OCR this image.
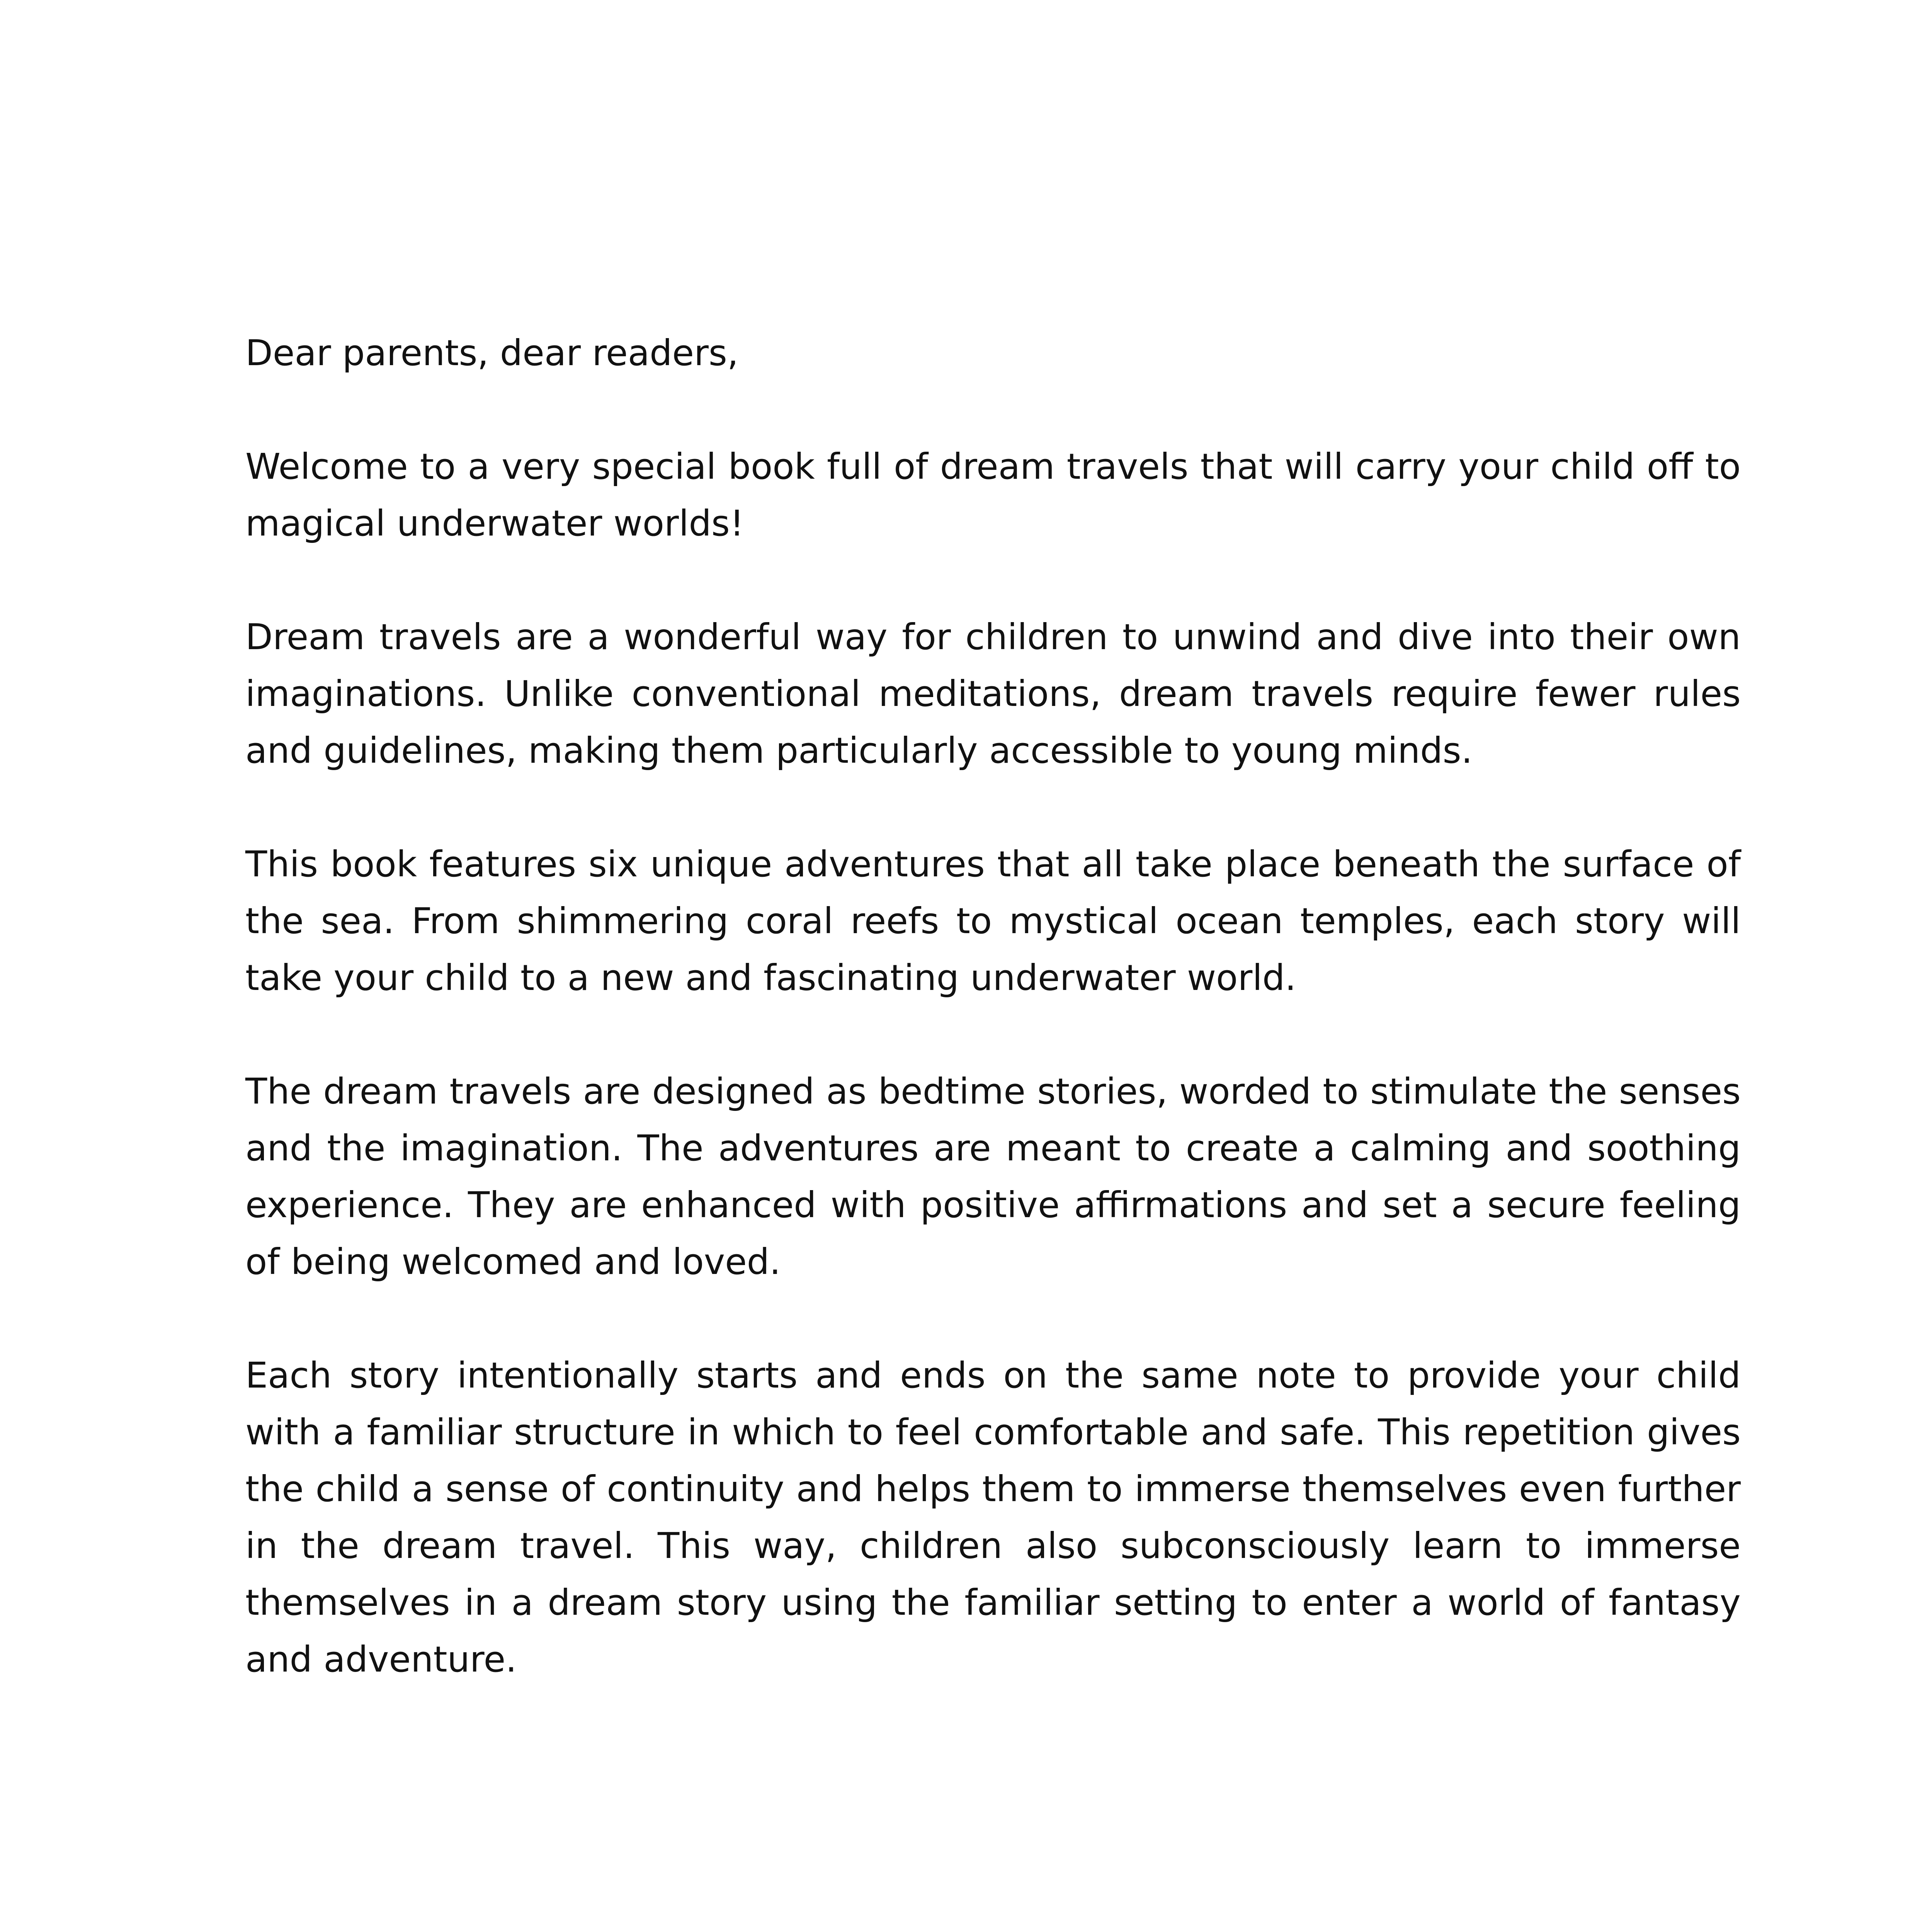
Dear parents, dear readers,

Welcome to a very special book full of dream travels that will carry your child off to magical underwater worlds!

Dream travels are a wonderful way for children to unwind and dive into their own imaginations. Unlike conventional meditations, dream travels require fewer rules and guidelines, making them particularly accessible to young minds.

This book features six unique adventures that all take place beneath the surface of the sea. From shimmering coral reefs to mystical ocean temples, each story will take your child to a new and fascinating underwater world.

The dream travels are designed as bedtime stories, worded to stimulate the senses and the imagination. The adventures are meant to create a calming and soothing experience. They are enhanced with positive affirmations and set a secure feeling of being welcomed and loved.

Each story intentionally starts and ends on the same note to provide your child with a familiar structure in which to feel comfortable and safe. This repetition gives the child a sense of continuity and helps them to immerse themselves even further in the dream travel. This way, children also subconsciously learn to immerse themselves in a dream story using the familiar setting to enter a world of fantasy and adventure.
